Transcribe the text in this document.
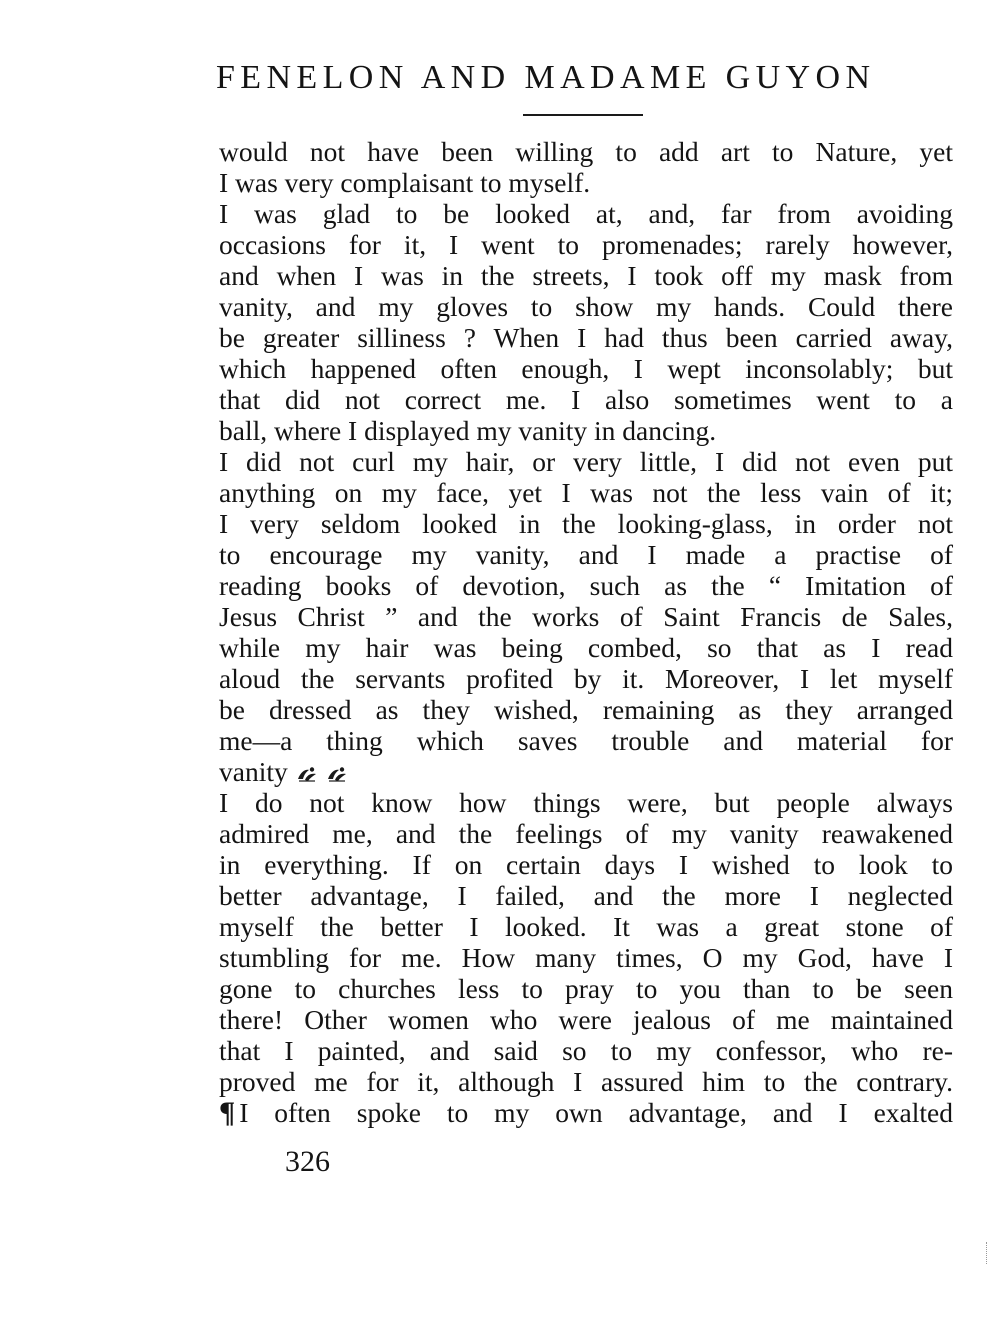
FENELON AND MADAME GUYON
would not have been willing to add art to Nature, yet
I was very complaisant to myself.
I was glad to be looked at, and, far from avoiding
occasions for it, I went to promenades; rarely however,
and when I was in the streets, I took off my mask from
vanity, and my gloves to show my hands. Could there
be greater silliness ? When I had thus been carried away,
which happened often enough, I wept inconsolably; but
that did not correct me. I also sometimes went to a
ball, where I displayed my vanity in dancing.
I did not curl my hair, or very little, I did not even put
anything on my face, yet I was not the less vain of it;
I very seldom looked in the looking-glass, in order not
to encourage my vanity, and I made a practise of
reading books of devotion, such as the “ Imitation of
Jesus Christ ” and the works of Saint Francis de Sales,
while my hair was being combed, so that as I read
aloud the servants profited by it. Moreover, I let myself
be dressed as they wished, remaining as they arranged
me—a thing which saves trouble and material for
vanity
I do not know how things were, but people always
admired me, and the feelings of my vanity reawakened
in everything. If on certain days I wished to look to
better advantage, I failed, and the more I neglected
myself the better I looked. It was a great stone of
stumbling for me. How many times, O my God, have I
gone to churches less to pray to you than to be seen
there! Other women who were jealous of me maintained
that I painted, and said so to my confessor, who re-
proved me for it, although I assured him to the contrary.
¶ I often spoke to my own advantage, and I exalted
326
